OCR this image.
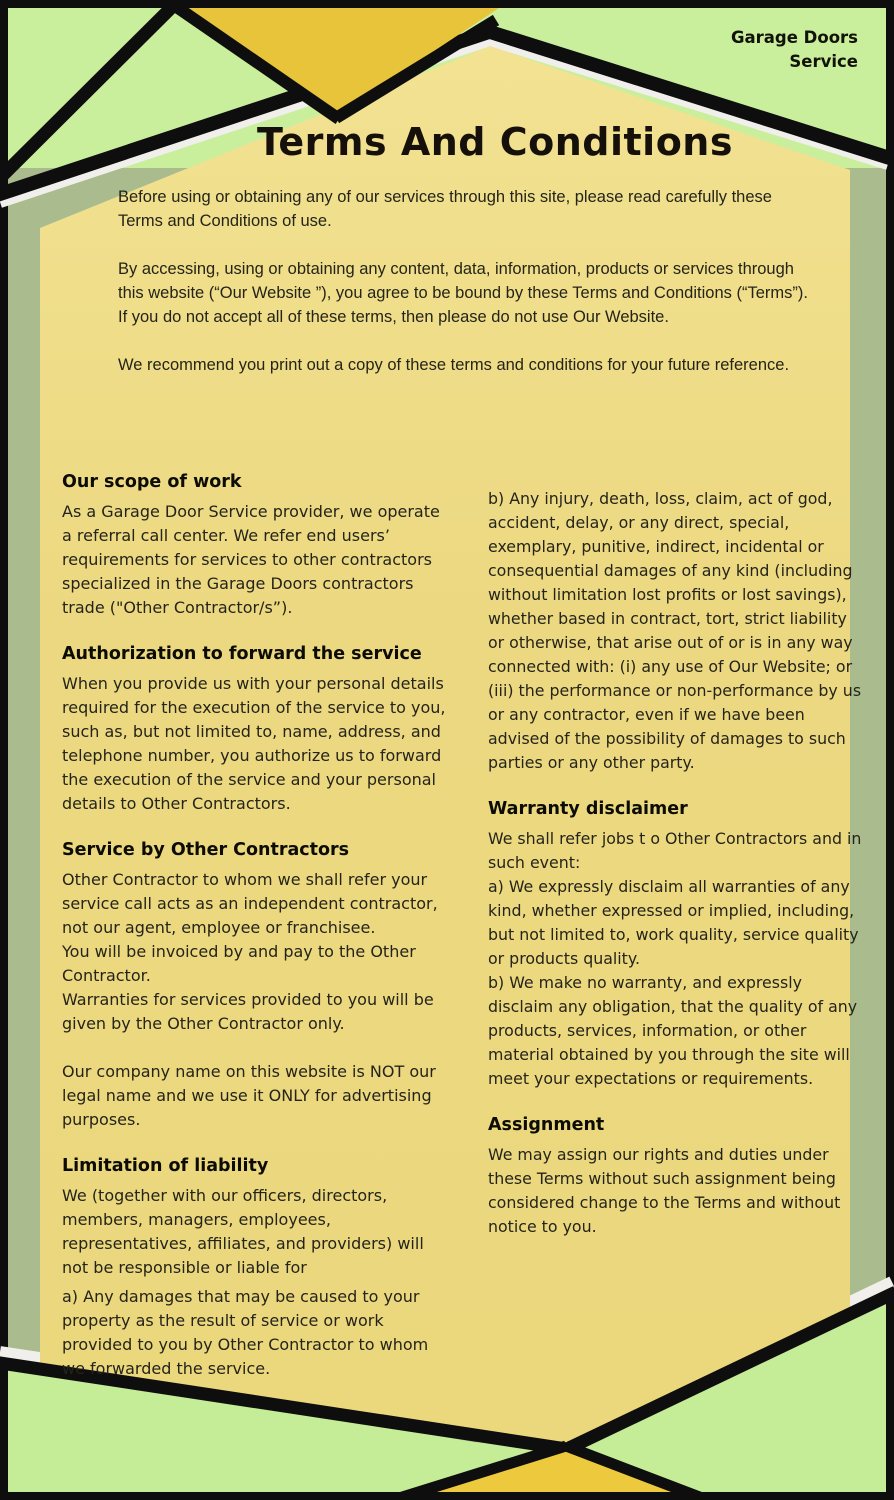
Garage Doors
Service
Terms And Conditions

Before using or obtaining any of our services through this site, please read carefully these Terms and Conditions of use.

By accessing, using or obtaining any content, data, information, products or services through this website (“Our Website ”), you agree to be bound by these Terms and Conditions (“Terms”). If you do not accept all of these terms, then please do not use Our Website.

We recommend you print out a copy of these terms and conditions for your future reference.

Our scope of work
As a Garage Door Service provider, we operate a referral call center. We refer end users’ requirements for services to other contractors specialized in the Garage Doors contractors trade ("Other Contractor/s”).
Authorization to forward the service
When you provide us with your personal details required for the execution of the service to you, such as, but not limited to, name, address, and telephone number, you authorize us to forward the execution of the service and your personal details to Other Contractors.
Service by Other Contractors
Other Contractor to whom we shall refer your service call acts as an independent contractor, not our agent, employee or franchisee.
You will be invoiced by and pay to the Other Contractor.
Warranties for services provided to you will be given by the Other Contractor only.
Our company name on this website is NOT our legal name and we use it ONLY for advertising purposes.
Limitation of liability
We (together with our officers, directors, members, managers, employees, representatives, affiliates, and providers) will not be responsible or liable for
a) Any damages that may be caused to your property as the result of service or work provided to you by Other Contractor to whom we forwarded the service.
b) Any injury, death, loss, claim, act of god, accident, delay, or any direct, special, exemplary, punitive, indirect, incidental or consequential damages of any kind (including without limitation lost profits or lost savings), whether based in contract, tort, strict liability or otherwise, that arise out of or is in any way connected with: (i) any use of Our Website; or (iii) the performance or non-performance by us or any contractor, even if we have been advised of the possibility of damages to such parties or any other party.
Warranty disclaimer
We shall refer jobs t o Other Contractors and in such event:
a) We expressly disclaim all warranties of any kind, whether expressed or implied, including, but not limited to, work quality, service quality or products quality.
b) We make no warranty, and expressly disclaim any obligation, that the quality of any products, services, information, or other material obtained by you through the site will meet your expectations or requirements.
Assignment
We may assign our rights and duties under these Terms without such assignment being considered change to the Terms and without notice to you.
